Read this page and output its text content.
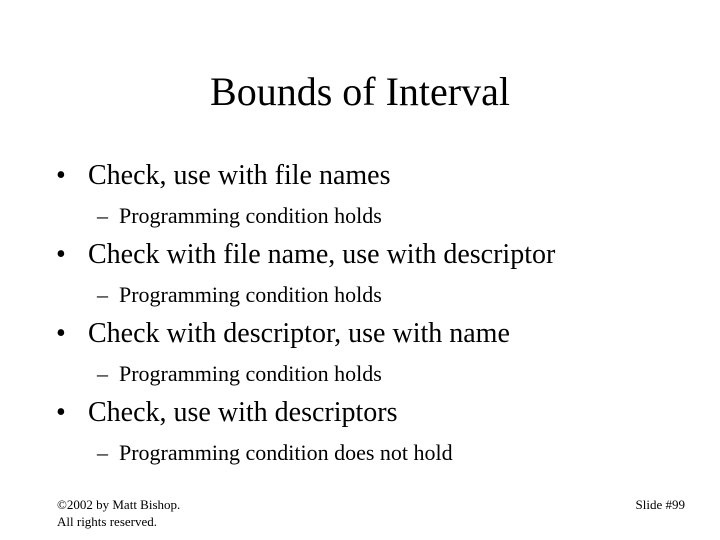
Bounds of Interval
• Check, use with file names
– Programming condition holds
• Check with file name, use with descriptor
– Programming condition holds
• Check with descriptor, use with name
– Programming condition holds
• Check, use with descriptors
– Programming condition does not hold
©2002 by Matt Bishop.
All rights reserved.
Slide #99
